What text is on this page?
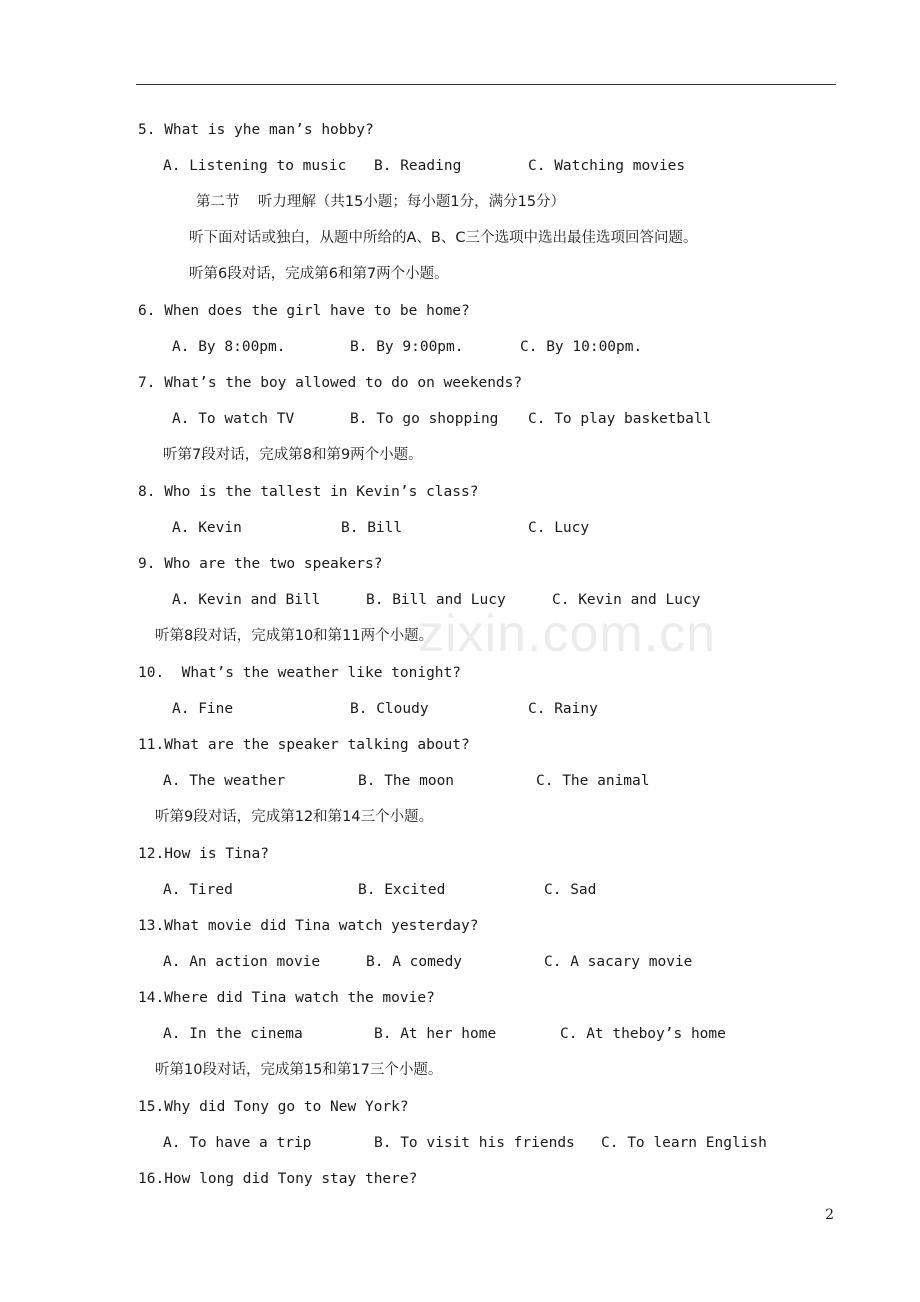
zixin.com.cn
5. What is yhe man’s hobby?
A. Listening to music B. Reading	C. Watching movies
第二节    听力理解（共15小题；每小题1分，满分15分）
听下面对话或独白，从题中所给的A、B、C三个选项中选出最佳选项回答问题。
听第6段对话，完成第6和第7两个小题。
6. When does the girl have to be home?
A. By 8:00pm.	B. By 9:00pm.	C. By 10:00pm.
7. What’s the boy allowed to do on weekends?
A. To watch TV	B. To go shopping C. To play basketball
听第7段对话，完成第8和第9两个小题。
8. Who is the tallest in Kevin’s class?
A. Kevin	B. Bill	C. Lucy
9. Who are the two speakers?
A. Kevin and Bill	B. Bill and Lucy	C. Kevin and Lucy
听第8段对话，完成第10和第11两个小题。
10.  What’s the weather like tonight?
A. Fine	B. Cloudy	C. Rainy
11.What are the speaker talking about?
A. The weather	B. The moon	C. The animal
听第9段对话，完成第12和第14三个小题。
12.How is Tina?
A. Tired	B. Excited	C. Sad
13.What movie did Tina watch yesterday?
A. An action movie	B. A comedy	C. A sacary movie
14.Where did Tina watch the movie?
A. In the cinema	B. At her home	C. At theboy’s home
听第10段对话，完成第15和第17三个小题。
15.Why did Tony go to New York?
A. To have a trip	B. To visit his friends C. To learn English
16.How long did Tony stay there?
2
